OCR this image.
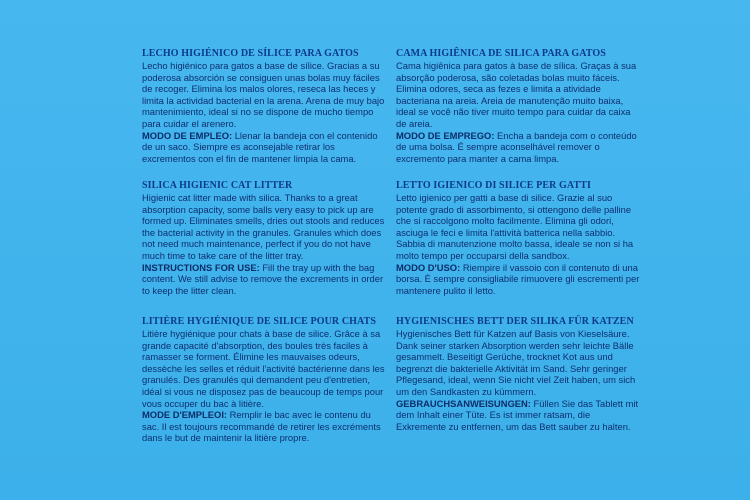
LECHO HIGIÉNICO DE SÍLICE PARA GATOS
Lecho higiénico para gatos a base de sílice. Gracias a su poderosa absorción se consiguen unas bolas muy fáciles de recoger. Elimina los malos olores, reseca las heces y limita la actividad bacterial en la arena. Arena de muy bajo mantenimiento, ideal si no se dispone de mucho tiempo para cuidar el arenero.
MODO DE EMPLEO: Llenar la bandeja con el contenido de un saco. Siempre es aconsejable retirar los excrementos con el fin de mantener limpia la cama.
SILICA HIGIENIC CAT LITTER
Higienic cat litter made with silica. Thanks to a great absorption capacity, some balls very easy to pick up are formed up. Eliminates smells, dries out stools and reduces the bacterial activity in the granules. Granules which does not need much maintenance, perfect if you do not have much time to take care of the litter tray.
INSTRUCTIONS FOR USE: Fill the tray up with the bag content. We still advise to remove the excrements in order to keep the litter clean.
LITIÈRE HYGIÉNIQUE DE SILICE POUR CHATS
Litière hygiénique pour chats à base de silice. Grâce à sa grande capacité d'absorption, des boules très faciles à ramasser se forment. Élimine les mauvaises odeurs, dessèche les selles et réduit l'activité bactérienne dans les granulés. Des granulés qui demandent peu d'entretien, idéal si vous ne disposez pas de beaucoup de temps pour vous occuper du bac à litière.
MODE D'EMPLEOI: Remplir le bac avec le contenu du sac. Il est toujours recommandé de retirer les excréments dans le but de maintenir la litière propre.
CAMA HIGIÊNICA DE SILICA PARA GATOS
Cama higiênica para gatos à base de sílica. Graças à sua absorção poderosa, são coletadas bolas muito fáceis. Elimina odores, seca as fezes e limita a atividade bacteriana na areia. Areia de manutenção muito baixa, ideal se você não tiver muito tempo para cuidar da caixa de areia.
MODO DE EMPREGO: Encha a bandeja com o conteúdo de uma bolsa. É sempre aconselhável remover o excremento para manter a cama limpa.
LETTO IGIENICO DI SILICE PER GATTI
Letto igienico per gatti a base di silice. Grazie al suo potente grado di assorbimento, si ottengono delle palline che si raccolgono molto facilmente. Elimina gli odori, asciuga le feci e limita l'attività batterica nella sabbio. Sabbia di manutenzione molto bassa, ideale se non si ha molto tempo per occuparsi della sandbox.
MODO D'USO: Riempire il vassoio con il contenuto di una borsa. È sempre consigliabile rimuovere gli escrementi per mantenere pulito il letto.
HYGIENISCHES BETT DER SILIKA FÜR KATZEN
Hygienisches Bett für Katzen auf Basis von Kieselsäure. Dank seiner starken Absorption werden sehr leichte Bälle gesammelt. Beseitigt Gerüche, trocknet Kot aus und begrenzt die bakterielle Aktivität im Sand. Sehr geringer Pflegesand, ideal, wenn Sie nicht viel Zeit haben, um sich um den Sandkasten zu kümmern.
GEBRAUCHSANWEISUNGEN: Füllen Sie das Tablett mit dem Inhalt einer Tüte. Es ist immer ratsam, die Exkremente zu entfernen, um das Bett sauber zu halten.
